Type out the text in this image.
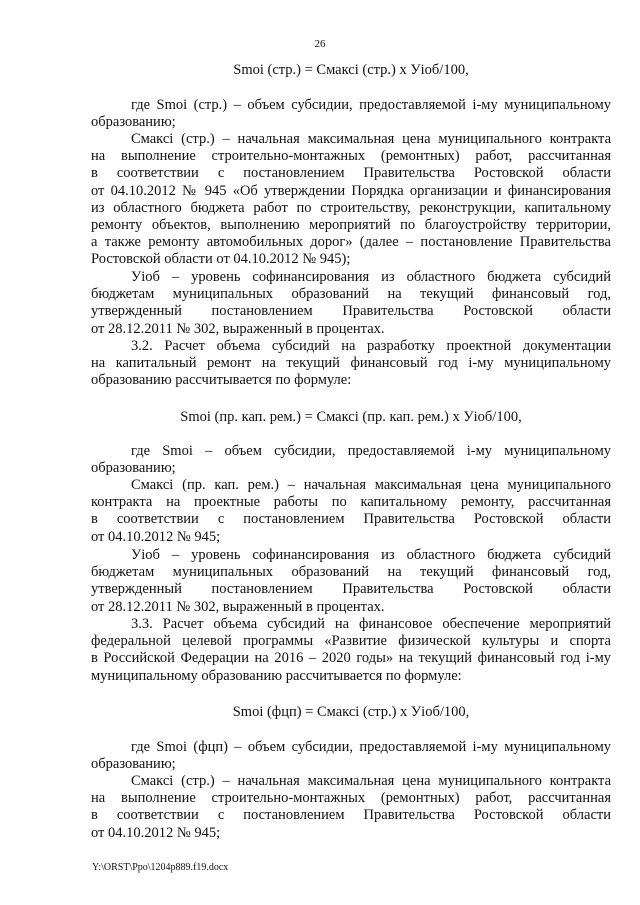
26
Smoi (стр.) = Смаксi (стр.) x Уioб/100,
где Smoi (стр.) – объем субсидии, предоставляемой i-му муниципальному
образованию;
Смаксi (стр.) – начальная максимальная цена муниципального контракта
на выполнение строительно-монтажных (ремонтных) работ, рассчитанная
в соответствии с постановлением Правительства Ростовской области
от 04.10.2012 № 945 «Об утверждении Порядка организации и финансирования
из областного бюджета работ по строительству, реконструкции, капитальному
ремонту объектов, выполнению мероприятий по благоустройству территории,
а также ремонту автомобильных дорог» (далее – постановление Правительства
Ростовской области от 04.10.2012 № 945);
Уioб – уровень софинансирования из областного бюджета субсидий
бюджетам муниципальных образований на текущий финансовый год,
утвержденный постановлением Правительства Ростовской области
от 28.12.2011 № 302, выраженный в процентах.
3.2. Расчет объема субсидий на разработку проектной документации
на капитальный ремонт на текущий финансовый год i-му муниципальному
образованию рассчитывается по формуле:
Smoi (пр. кап. рем.) = Смаксi (пр. кап. рем.) x Уioб/100,
где Smoi – объем субсидии, предоставляемой i-му муниципальному
образованию;
Смаксi (пр. кап. рем.) – начальная максимальная цена муниципального
контракта на проектные работы по капитальному ремонту, рассчитанная
в соответствии с постановлением Правительства Ростовской области
от 04.10.2012 № 945;
Уioб – уровень софинансирования из областного бюджета субсидий
бюджетам муниципальных образований на текущий финансовый год,
утвержденный постановлением Правительства Ростовской области
от 28.12.2011 № 302, выраженный в процентах.
3.3. Расчет объема субсидий на финансовое обеспечение мероприятий
федеральной целевой программы «Развитие физической культуры и спорта
в Российской Федерации на 2016 – 2020 годы» на текущий финансовый год i-му
муниципальному образованию рассчитывается по формуле:
Smoi (фцп) = Смаксi (стр.) x Уioб/100,
где Smoi (фцп) – объем субсидии, предоставляемой i-му муниципальному
образованию;
Смаксi (стр.) – начальная максимальная цена муниципального контракта
на выполнение строительно-монтажных (ремонтных) работ, рассчитанная
в соответствии с постановлением Правительства Ростовской области
от 04.10.2012 № 945;
Y:\ORST\Ppo\1204p889.f19.docx
